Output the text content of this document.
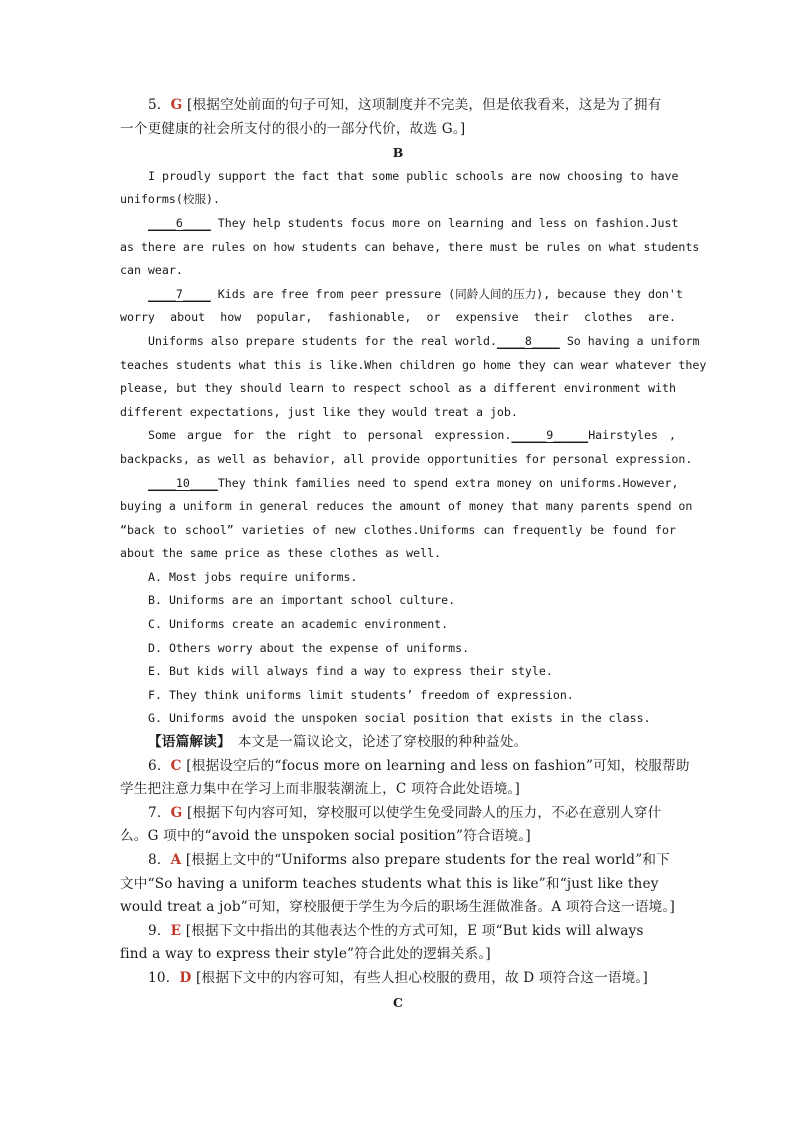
5．G [根据空处前面的句子可知，这项制度并不完美，但是依我看来，这是为了拥有
一个更健康的社会所支付的很小的一部分代价，故选 G。]
B
I proudly support the fact that some public schools are now choosing to have
uniforms(校服).
____6____ They help students focus more on learning and less on fashion.Just
as there are rules on how students can behave, there must be rules on what students
can wear.
____7____ Kids are free from peer pressure (同龄人间的压力), because they don't
worry about how popular, fashionable, or expensive their clothes are.
Uniforms also prepare students for the real world.____8____ So having a uniform
teaches students what this is like.When children go home they can wear whatever they
please, but they should learn to respect school as a different environment with
different expectations, just like they would treat a job.
Some argue for the right to personal expression._____9_____Hairstyles ,
backpacks, as well as behavior, all provide opportunities for personal expression.
____10____They think families need to spend extra money on uniforms.However,
buying a uniform in general reduces the amount of money that many parents spend on
“back to school” varieties of new clothes.Uniforms can frequently be found for
about the same price as these clothes as well.
A. Most jobs require uniforms.
B. Uniforms are an important school culture.
C. Uniforms create an academic environment.
D. Others worry about the expense of uniforms.
E. But kids will always find a way to express their style.
F. They think uniforms limit students’ freedom of expression.
G. Uniforms avoid the unspoken social position that exists in the class.
【语篇解读】　本文是一篇议论文，论述了穿校服的种种益处。
6．C [根据设空后的“focus more on learning and less on fashion”可知，校服帮助
学生把注意力集中在学习上而非服装潮流上，C 项符合此处语境。]
7．G [根据下句内容可知，穿校服可以使学生免受同龄人的压力，不必在意别人穿什
么。G 项中的“avoid the unspoken social position”符合语境。]
8．A [根据上文中的“Uniforms also prepare students for the real world”和下
文中“So having a uniform teaches students what this is like”和“just like they
would treat a job”可知，穿校服便于学生为今后的职场生涯做准备。A 项符合这一语境。]
9．E [根据下文中指出的其他表达个性的方式可知，E 项“But kids will always
find a way to express their style”符合此处的逻辑关系。]
10．D [根据下文中的内容可知，有些人担心校服的费用，故 D 项符合这一语境。]
C
